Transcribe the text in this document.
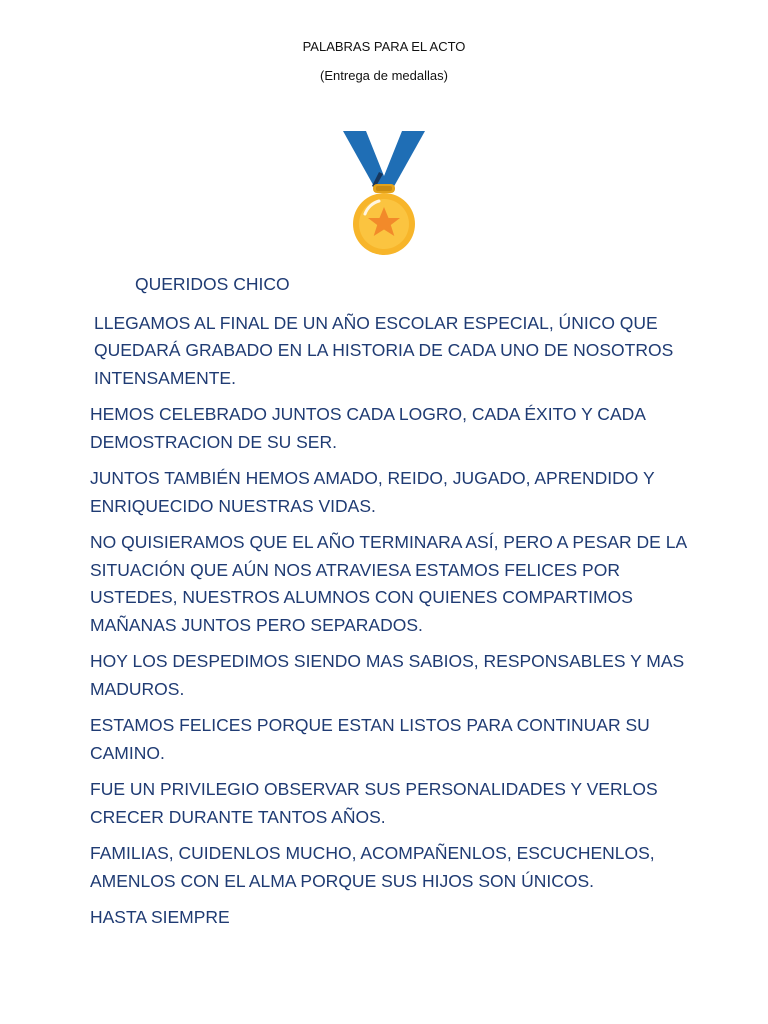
PALABRAS PARA EL ACTO
(Entrega de medallas)

QUERIDOS CHICO

LLEGAMOS AL FINAL DE UN AÑO ESCOLAR ESPECIAL, ÚNICO QUE QUEDARÁ GRABADO EN LA HISTORIA DE CADA UNO DE NOSOTROS INTENSAMENTE.

HEMOS CELEBRADO JUNTOS CADA LOGRO, CADA ÉXITO Y CADA DEMOSTRACION DE SU SER.

JUNTOS TAMBIÉN HEMOS AMADO, REIDO, JUGADO, APRENDIDO Y ENRIQUECIDO NUESTRAS VIDAS.

NO QUISIERAMOS QUE EL AÑO TERMINARA ASÍ, PERO A PESAR DE LA SITUACIÓN QUE AÚN NOS ATRAVIESA ESTAMOS FELICES POR USTEDES, NUESTROS ALUMNOS CON QUIENES COMPARTIMOS MAÑANAS JUNTOS PERO SEPARADOS.

HOY LOS DESPEDIMOS SIENDO MAS SABIOS, RESPONSABLES Y MAS MADUROS.

ESTAMOS FELICES PORQUE ESTAN LISTOS PARA CONTINUAR SU CAMINO.

FUE UN PRIVILEGIO OBSERVAR SUS PERSONALIDADES Y VERLOS CRECER DURANTE TANTOS AÑOS.

FAMILIAS, CUIDENLOS MUCHO, ACOMPAÑENLOS, ESCUCHENLOS, AMENLOS CON EL ALMA PORQUE SUS HIJOS SON ÚNICOS.

HASTA SIEMPRE
